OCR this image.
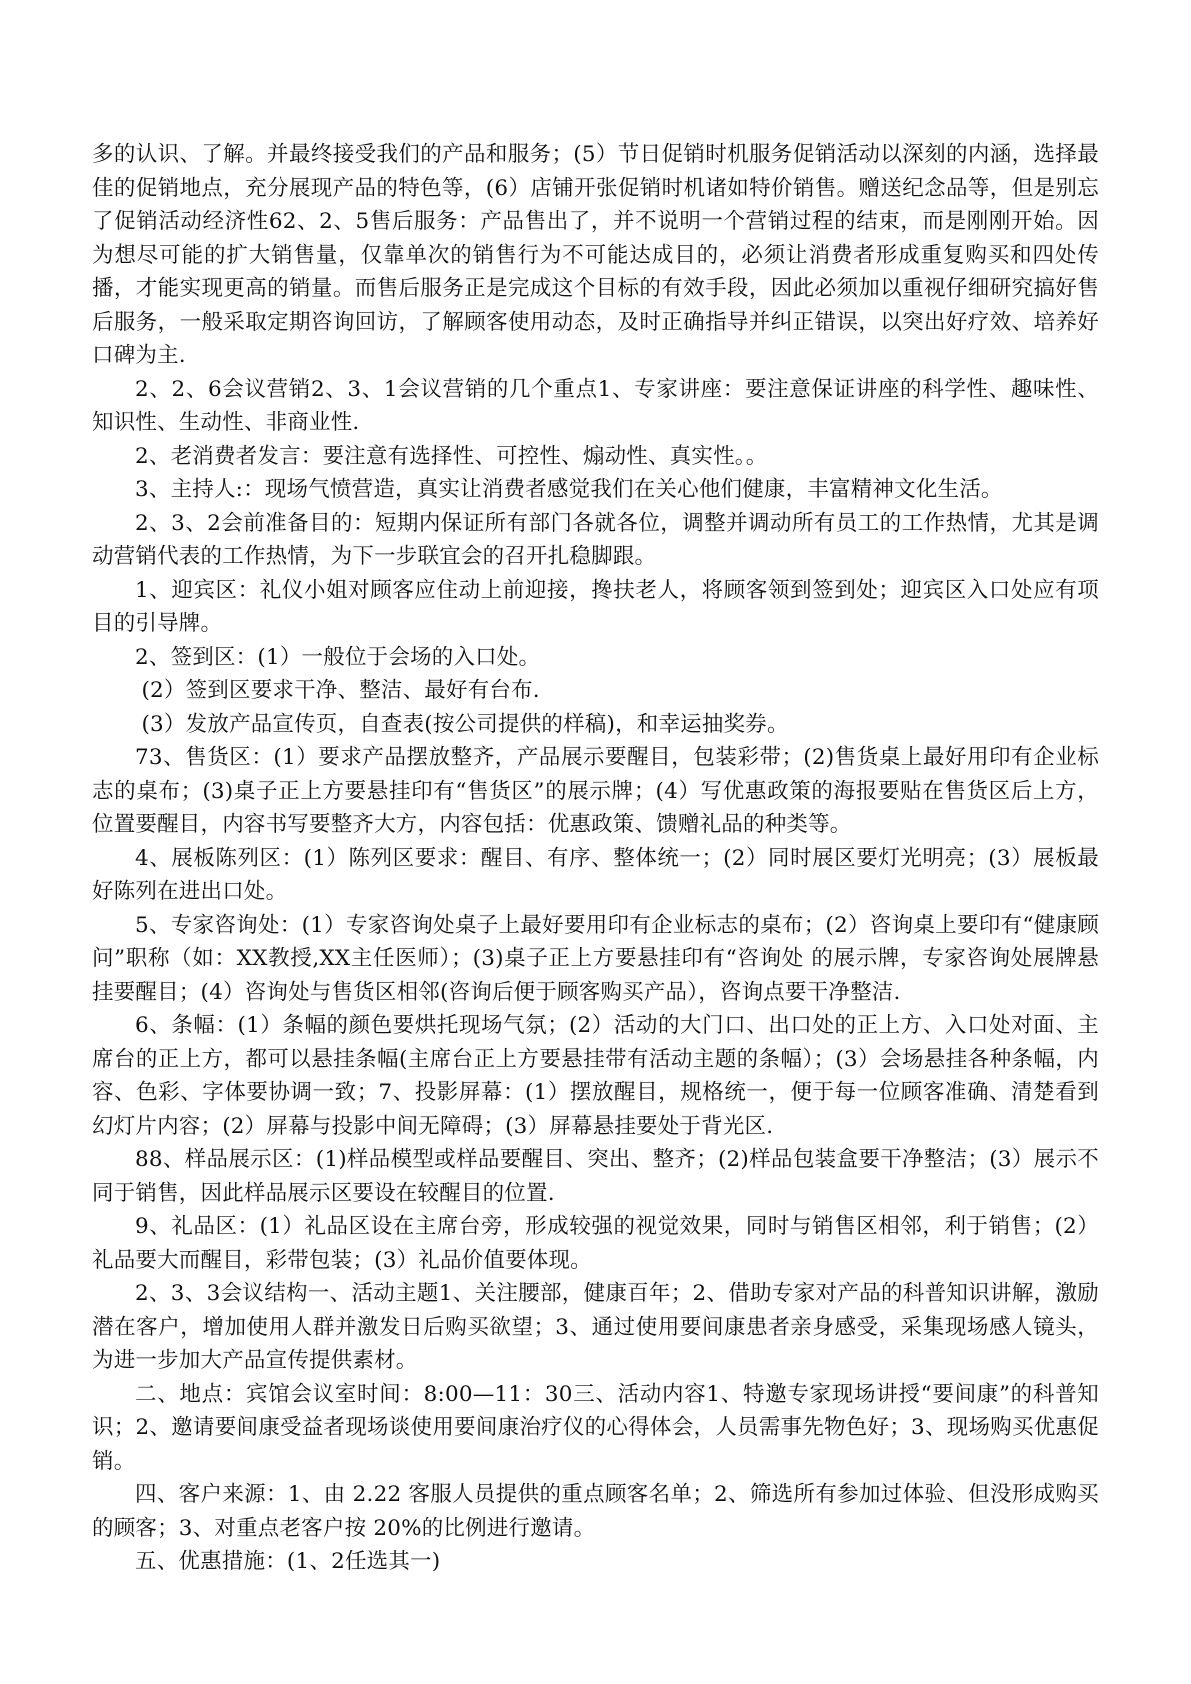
多的认识、了解。并最终接受我们的产品和服务；(5）节日促销时机服务促销活动以深刻的内涵，选择最佳的促销地点，充分展现产品的特色等，(6）店铺开张促销时机诸如特价销售。赠送纪念品等，但是别忘了促销活动经济性62、2、5售后服务：产品售出了，并不说明一个营销过程的结束，而是刚刚开始。因为想尽可能的扩大销售量，仅靠单次的销售行为不可能达成目的，必须让消费者形成重复购买和四处传播，才能实现更高的销量。而售后服务正是完成这个目标的有效手段，因此必须加以重视仔细研究搞好售后服务，一般采取定期咨询回访，了解顾客使用动态，及时正确指导并纠正错误，以突出好疗效、培养好口碑为主.

2、2、6会议营销2、3、1会议营销的几个重点1、专家讲座：要注意保证讲座的科学性、趣味性、知识性、生动性、非商业性.

2、老消费者发言：要注意有选择性、可控性、煽动性、真实性。。

3、主持人:：现场气愤营造，真实让消费者感觉我们在关心他们健康，丰富精神文化生活。

2、3、2会前准备目的：短期内保证所有部门各就各位，调整并调动所有员工的工作热情，尤其是调动营销代表的工作热情，为下一步联宜会的召开扎稳脚跟。

1、迎宾区：礼仪小姐对顾客应住动上前迎接，搀扶老人，将顾客领到签到处；迎宾区入口处应有项目的引导牌。

2、签到区：(1）一般位于会场的入口处。

(2）签到区要求干净、整洁、最好有台布.

(3）发放产品宣传页，自查表(按公司提供的样稿)，和幸运抽奖券。

73、售货区：(1）要求产品摆放整齐，产品展示要醒目，包装彩带；(2)售货桌上最好用印有企业标志的桌布；(3)桌子正上方要悬挂印有“售货区”的展示牌；(4）写优惠政策的海报要贴在售货区后上方，位置要醒目，内容书写要整齐大方，内容包括：优惠政策、馈赠礼品的种类等。

4、展板陈列区：(1）陈列区要求：醒目、有序、整体统一；(2）同时展区要灯光明亮；(3）展板最好陈列在进出口处。

5、专家咨询处：(1）专家咨询处桌子上最好要用印有企业标志的桌布；(2）咨询桌上要印有“健康顾问”职称（如：XX教授,XX主任医师）；(3)桌子正上方要悬挂印有“咨询处 的展示牌，专家咨询处展牌悬挂要醒目；(4）咨询处与售货区相邻(咨询后便于顾客购买产品），咨询点要干净整洁.

6、条幅：(1）条幅的颜色要烘托现场气氛；(2）活动的大门口、出口处的正上方、入口处对面、主席台的正上方，都可以悬挂条幅(主席台正上方要悬挂带有活动主题的条幅）；(3）会场悬挂各种条幅，内容、色彩、字体要协调一致；7、投影屏幕：(1）摆放醒目，规格统一，便于每一位顾客准确、清楚看到幻灯片内容；(2）屏幕与投影中间无障碍；(3）屏幕悬挂要处于背光区.

88、样品展示区：(1)样品模型或样品要醒目、突出、整齐；(2)样品包装盒要干净整洁；(3）展示不同于销售，因此样品展示区要设在较醒目的位置.

9、礼品区：(1）礼品区设在主席台旁，形成较强的视觉效果，同时与销售区相邻，利于销售；(2）礼品要大而醒目，彩带包装；(3）礼品价值要体现。

2、3、3会议结构一、活动主题1、关注腰部，健康百年；2、借助专家对产品的科普知识讲解，激励潜在客户，增加使用人群并激发日后购买欲望；3、通过使用要间康患者亲身感受，采集现场感人镜头，为进一步加大产品宣传提供素材。

二、地点：宾馆会议室时间：8:00—11：30三、活动内容1、特邀专家现场讲授“要间康”的科普知识；2、邀请要间康受益者现场谈使用要间康治疗仪的心得体会，人员需事先物色好；3、现场购买优惠促销。

四、客户来源：1、由 2.22 客服人员提供的重点顾客名单；2、筛选所有参加过体验、但没形成购买的顾客；3、对重点老客户按 20%的比例进行邀请。

五、优惠措施：(1、2任选其一)
